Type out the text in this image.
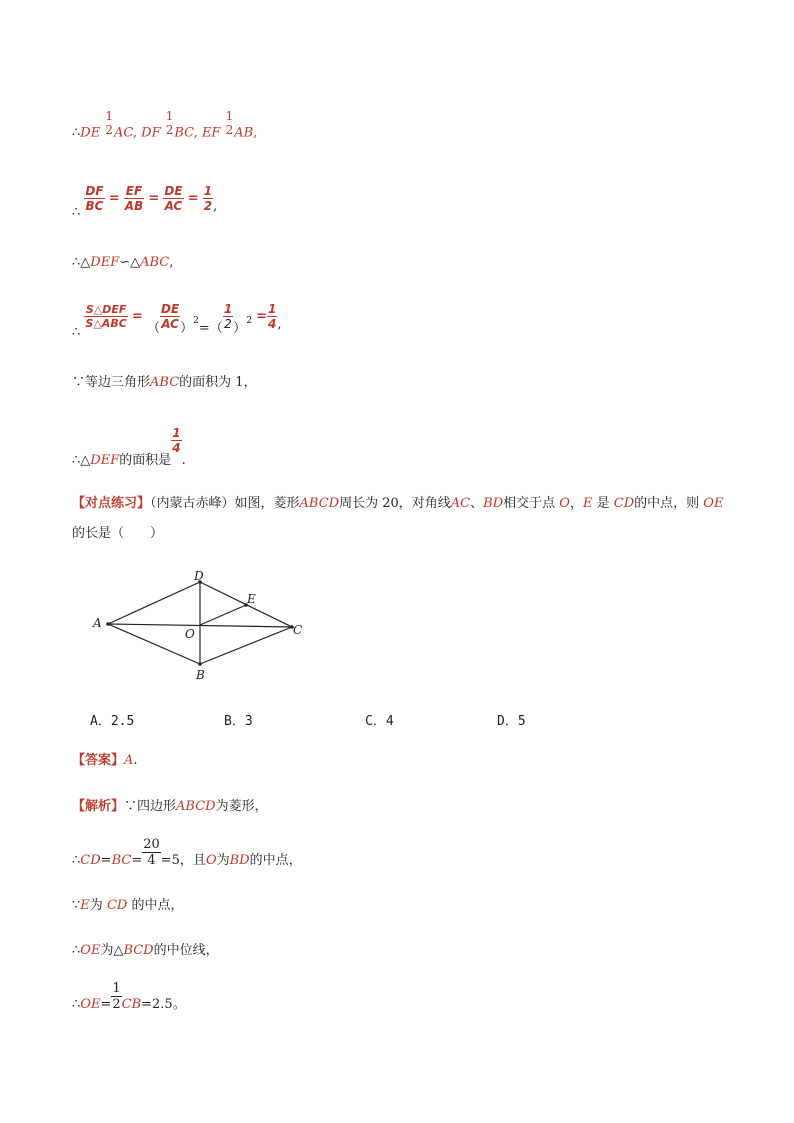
∴DE
1
2 AC, DF
1
2 BC, EF
1
2 AB,
∴
$\frac{DF}{BC} = \frac{EF}{AB} = \frac{DE}{AC} = \frac{1}{2}$ ,
∴△DEF∽△ABC,
∴
$\frac{\text{S△DEF}}{\text{S△ABC}}$ = （ $\frac{DE}{AC} )^2=( \frac{1}{2} )^2 = \frac{1}{4}$ ,
∵等边三角形ABC的面积为 1，
∴△DEF的面积是
$\frac{1}{4}$
.
【对点练习】（内蒙古赤峰）如图，菱形ABCD周长为 20，对角线AC、BD相交于点 O，E 是 CD的中点，则 OE
的长是（　　）
A
D
C
B
E
O
A．2.5	B．3	C．4	D．5
【答案】A.
【解析】∵四边形ABCD为菱形，
∴CD=BC= $\frac{20}{4} =5$，且O为BD的中点，
∵E为 CD 的中点，
∴OE为△BCD的中位线，
∴OE= $\frac{1}{2} CB=2.5$。
